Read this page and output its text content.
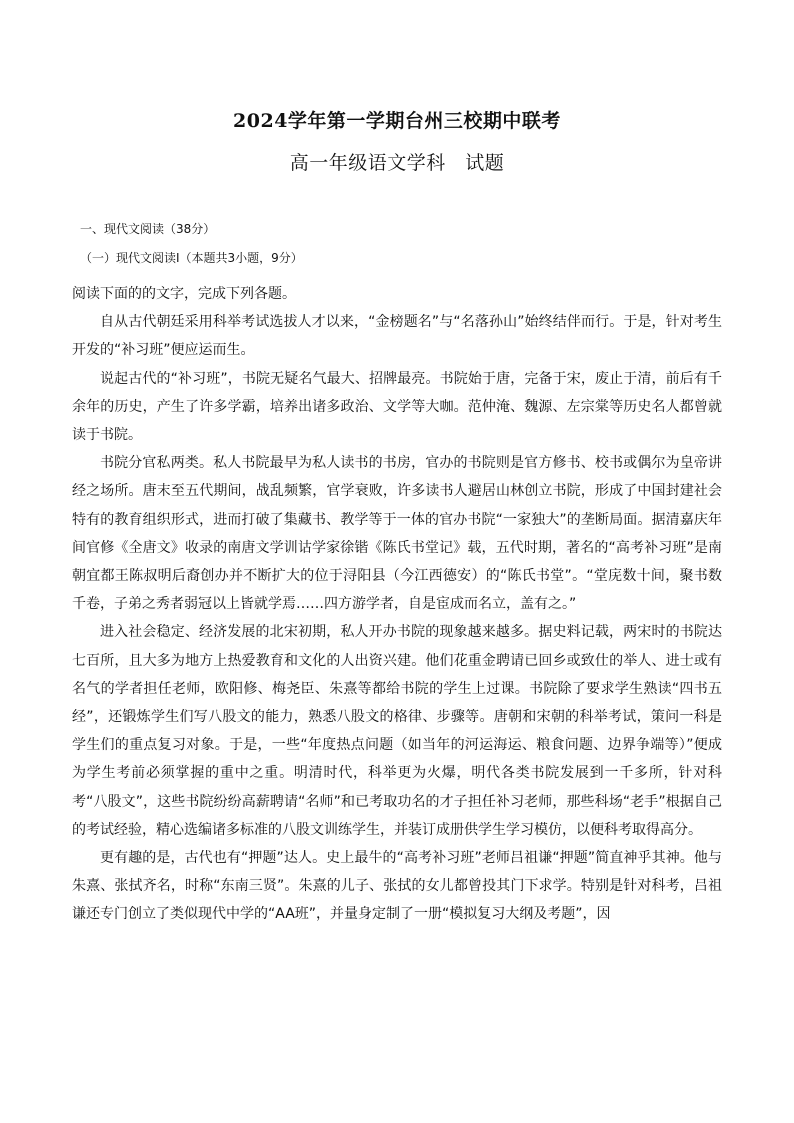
2024学年第一学期台州三校期中联考
高一年级语文学科　试题
一、现代文阅读（38分）
（一）现代文阅读Ⅰ（本题共3小题，9分）

阅读下面的的文字，完成下列各题。

自从古代朝廷采用科举考试选拔人才以来，“金榜题名”与“名落孙山”始终结伴而行。于是，针对考生开发的“补习班”便应运而生。

说起古代的“补习班”，书院无疑名气最大、招牌最亮。书院始于唐，完备于宋，废止于清，前后有千余年的历史，产生了许多学霸，培养出诸多政治、文学等大咖。范仲淹、魏源、左宗棠等历史名人都曾就读于书院。

书院分官私两类。私人书院最早为私人读书的书房，官办的书院则是官方修书、校书或偶尔为皇帝讲经之场所。唐末至五代期间，战乱频繁，官学衰败，许多读书人避居山林创立书院，形成了中国封建社会特有的教育组织形式，进而打破了集藏书、教学等于一体的官办书院“一家独大”的垄断局面。据清嘉庆年间官修《全唐文》收录的南唐文学训诂学家徐锴《陈氏书堂记》载，五代时期，著名的“高考补习班”是南朝宜都王陈叔明后裔创办并不断扩大的位于浔阳县（今江西德安）的“陈氏书堂”。“堂庑数十间，聚书数千卷，子弟之秀者弱冠以上皆就学焉……四方游学者，自是宦成而名立，盖有之。”

进入社会稳定、经济发展的北宋初期，私人开办书院的现象越来越多。据史料记载，两宋时的书院达七百所，且大多为地方上热爱教育和文化的人出资兴建。他们花重金聘请已回乡或致仕的举人、进士或有名气的学者担任老师，欧阳修、梅尧臣、朱熹等都给书院的学生上过课。书院除了要求学生熟读“四书五经”，还锻炼学生们写八股文的能力，熟悉八股文的格律、步骤等。唐朝和宋朝的科举考试，策问一科是学生们的重点复习对象。于是，一些“年度热点问题（如当年的河运海运、粮食问题、边界争端等）”便成为学生考前必须掌握的重中之重。明清时代，科举更为火爆，明代各类书院发展到一千多所，针对科考“八股文”，这些书院纷纷高薪聘请“名师”和已考取功名的才子担任补习老师，那些科场“老手”根据自己的考试经验，精心选编诸多标准的八股文训练学生，并装订成册供学生学习模仿，以便科考取得高分。

更有趣的是，古代也有“押题”达人。史上最牛的“高考补习班”老师吕祖谦“押题”简直神乎其神。他与朱熹、张拭齐名，时称“东南三贤”。朱熹的儿子、张拭的女儿都曾投其门下求学。特别是针对科考，吕祖谦还专门创立了类似现代中学的“AA班”，并量身定制了一册“模拟复习大纲及考题”，因
